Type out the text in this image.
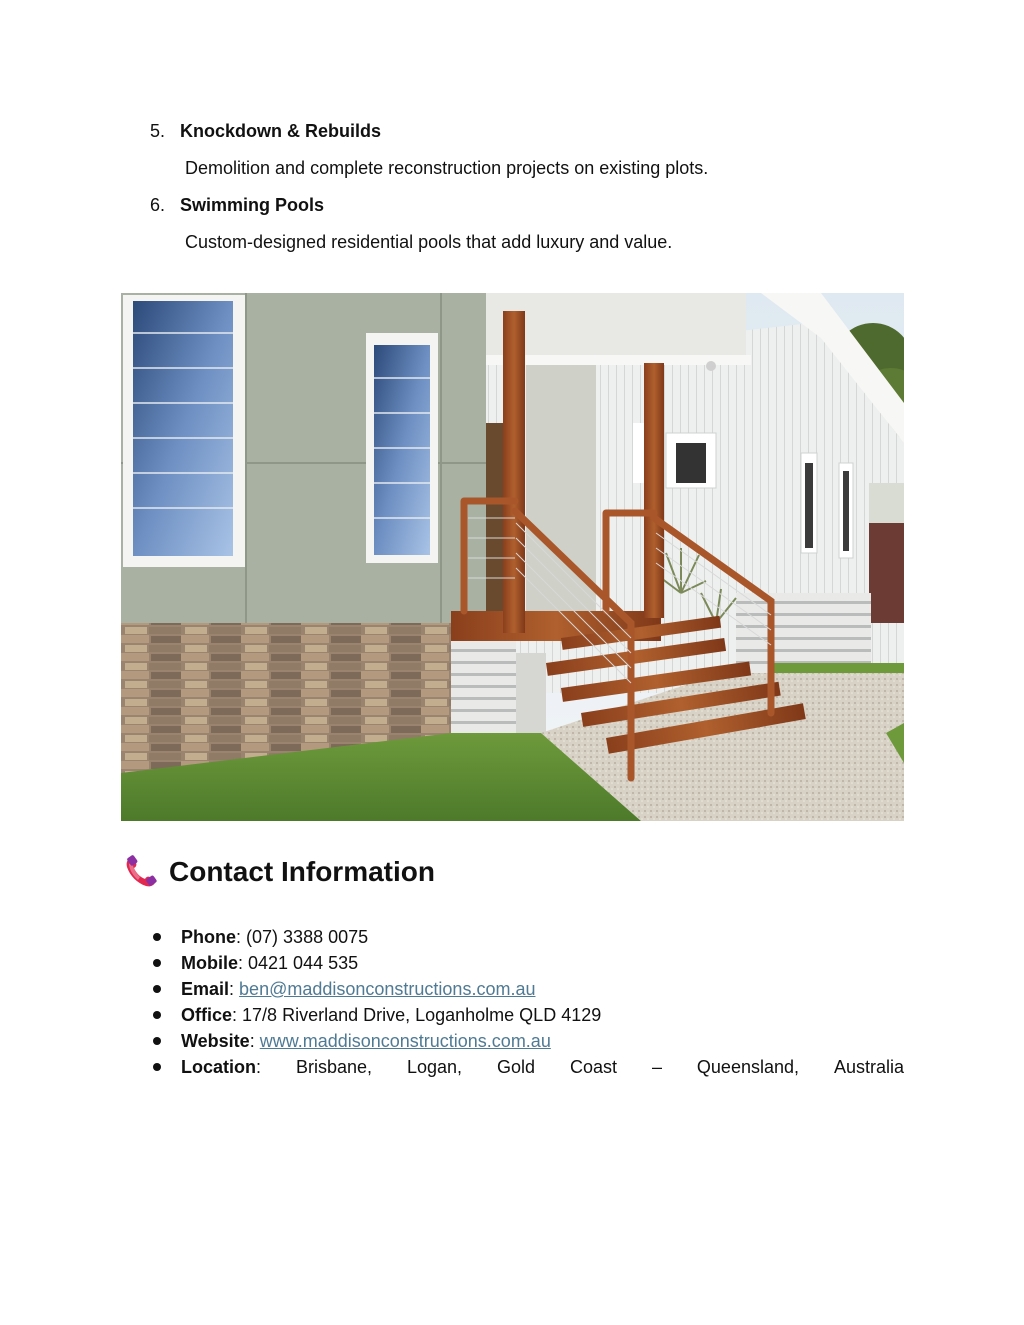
5. Knockdown & Rebuilds
Demolition and complete reconstruction projects on existing plots.
6. Swimming Pools
Custom-designed residential pools that add luxury and value.
Contact Information
Phone : (07) 3388 0075
Mobile : 0421 044 535
Email : ben@maddisonconstructions.com.au
Office : 17/8 Riverland Drive, Loganholme QLD 4129
Website : www.maddisonconstructions.com.au
Location: Brisbane, Logan, Gold Coast – Queensland, Australia
